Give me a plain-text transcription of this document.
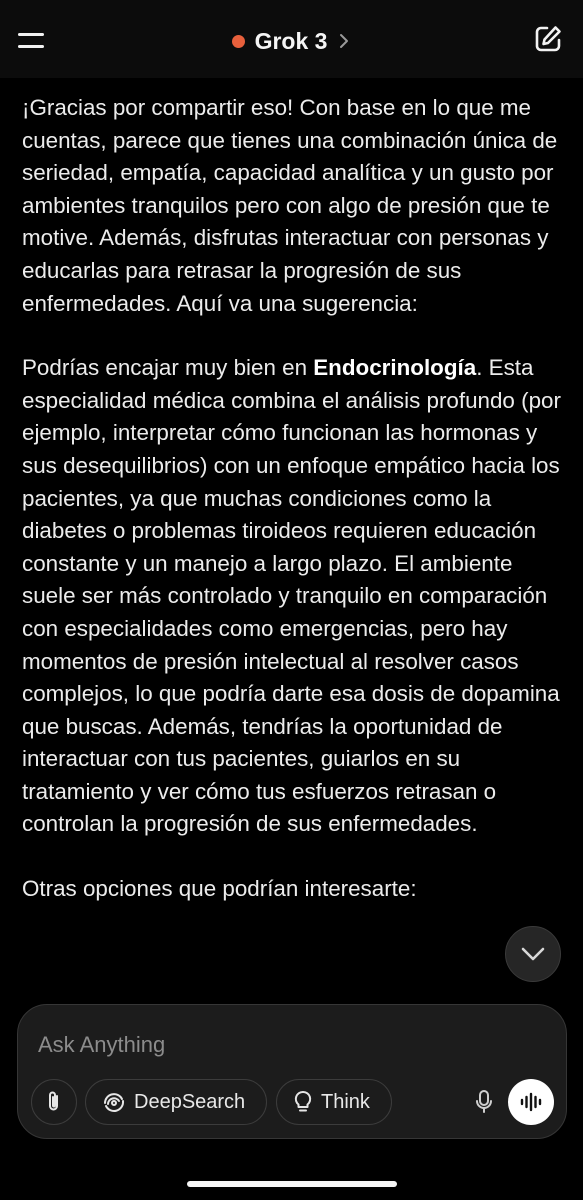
Grok 3

¡Gracias por compartir eso! Con base en lo que me cuentas, parece que tienes una combinación única de seriedad, empatía, capacidad analítica y un gusto por ambientes tranquilos pero con algo de presión que te motive. Además, disfrutas interactuar con personas y educarlas para retrasar la progresión de sus enfermedades. Aquí va una sugerencia:

Podrías encajar muy bien en Endocrinología. Esta especialidad médica combina el análisis profundo (por ejemplo, interpretar cómo funcionan las hormonas y sus desequilibrios) con un enfoque empático hacia los pacientes, ya que muchas condiciones como la diabetes o problemas tiroideos requieren educación constante y un manejo a largo plazo. El ambiente suele ser más controlado y tranquilo en comparación con especialidades como emergencias, pero hay momentos de presión intelectual al resolver casos complejos, lo que podría darte esa dosis de dopamina que buscas. Además, tendrías la oportunidad de interactuar con tus pacientes, guiarlos en su tratamiento y ver cómo tus esfuerzos retrasan o controlan la progresión de sus enfermedades.

Otras opciones que podrían interesarte:

Ask Anything
DeepSearch	Think
